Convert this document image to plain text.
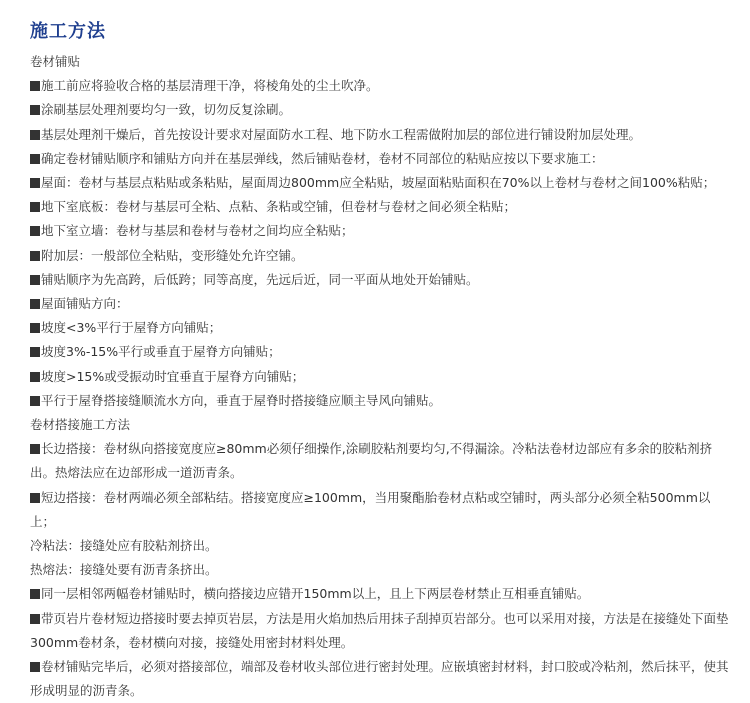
施工方法

卷材铺贴

施工前应将验收合格的基层清理干净，将棱角处的尘土吹净。

涂刷基层处理剂要均匀一致，切勿反复涂刷。

基层处理剂干燥后，首先按设计要求对屋面防水工程、地下防水工程需做附加层的部位进行铺设附加层处理。

确定卷材铺贴顺序和铺贴方向并在基层弹线，然后铺贴卷材，卷材不同部位的粘贴应按以下要求施工：

屋面：卷材与基层点粘贴或条粘贴，屋面周边800mm应全粘贴，坡屋面粘贴面积在70%以上卷材与卷材之间100%粘贴；

地下室底板：卷材与基层可全粘、点粘、条粘或空铺，但卷材与卷材之间必须全粘贴；

地下室立墙：卷材与基层和卷材与卷材之间均应全粘贴；

附加层：一般部位全粘贴，变形缝处允许空铺。

铺贴顺序为先高跨，后低跨；同等高度，先远后近，同一平面从地处开始铺贴。

屋面铺贴方向：

坡度<3%平行于屋脊方向铺贴；

坡度3%-15%平行或垂直于屋脊方向铺贴；

坡度>15%或受振动时宜垂直于屋脊方向铺贴；

平行于屋脊搭接缝顺流水方向，垂直于屋脊时搭接缝应顺主导风向铺贴。

卷材搭接施工方法

长边搭接：卷材纵向搭接宽度应≥80mm必须仔细操作,涂刷胶粘剂要均匀,不得漏涂。冷粘法卷材边部应有多余的胶粘剂挤出。热熔法应在边部形成一道沥青条。

短边搭接：卷材两端必须全部粘结。搭接宽度应≥100mm，当用聚酯胎卷材点粘或空铺时，两头部分必须全粘500mm以上；

冷粘法：接缝处应有胶粘剂挤出。

热熔法：接缝处要有沥青条挤出。

同一层相邻两幅卷材铺贴时，横向搭接边应错开150mm以上，且上下两层卷材禁止互相垂直铺贴。

带页岩片卷材短边搭接时要去掉页岩层，方法是用火焰加热后用抹子刮掉页岩部分。也可以采用对接，方法是在接缝处下面垫300mm卷材条，卷材横向对接，接缝处用密封材料处理。

卷材铺贴完毕后，必须对搭接部位，端部及卷材收头部位进行密封处理。应嵌填密封材料，封口胶或冷粘剂，然后抹平，使其形成明显的沥青条。
